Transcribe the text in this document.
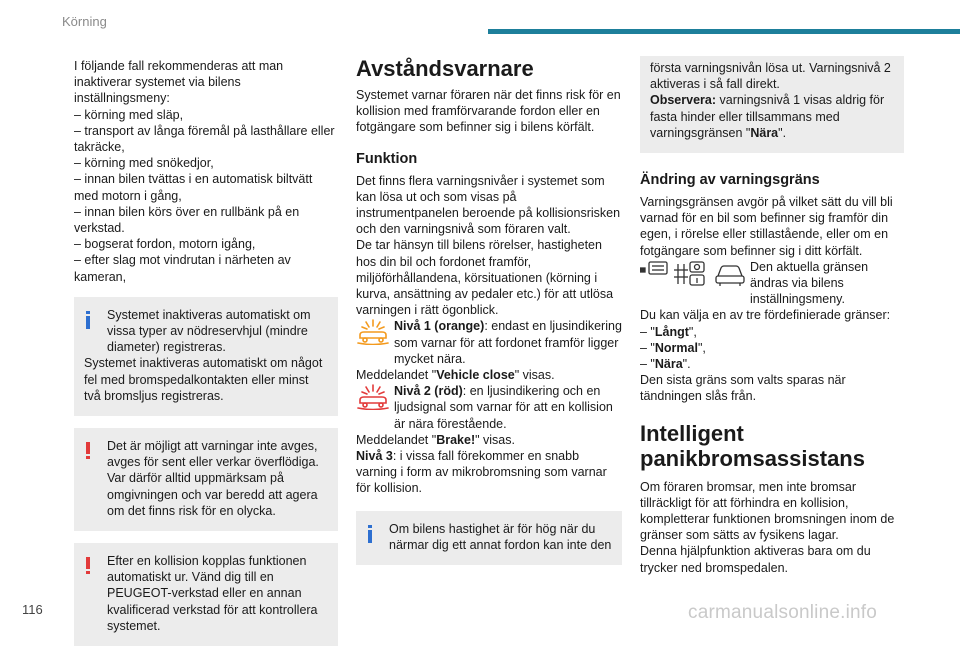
Körning

I följande fall rekommenderas att man inaktiverar systemet via bilens inställningsmeny:

– körning med släp,

– transport av långa föremål på lasthållare eller takräcke,

– körning med snökedjor,

– innan bilen tvättas i en automatisk biltvätt med motorn i gång,

– innan bilen körs över en rullbänk på en verkstad.

– bogserat fordon, motorn igång,

– efter slag mot vindrutan i närheten av kameran,

Systemet inaktiveras automatiskt om vissa typer av nödreservhjul (mindre diameter) registreras.

Systemet inaktiveras automatiskt om något fel med bromspedalkontakten eller minst två bromsljus registreras.

Det är möjligt att varningar inte avges, avges för sent eller verkar överflödiga. Var därför alltid uppmärksam på omgivningen och var beredd att agera om det finns risk för en olycka.

Efter en kollision kopplas funktionen automatiskt ur. Vänd dig till en PEUGEOT-verkstad eller en annan kvalificerad verkstad för att kontrollera systemet.

Avståndsvarnare

Systemet varnar föraren när det finns risk för en kollision med framförvarande fordon eller en fotgängare som befinner sig i bilens körfält.

Funktion

Det finns flera varningsnivåer i systemet som kan lösa ut och som visas på instrumentpanelen beroende på kollisionsrisken och den varningsnivå som föraren valt.

De tar hänsyn till bilens rörelser, hastigheten hos din bil och fordonet framför, miljöförhållandena, körsituationen (körning i kurva, ansättning av pedaler etc.) för att utlösa varningen i rätt ögonblick.

Nivå 1 (orange): endast en ljusindikering som varnar för att fordonet framför ligger mycket nära.

Meddelandet "Vehicle close" visas.

Nivå 2 (röd): en ljusindikering och en ljudsignal som varnar för att en kollision är nära förestående.

Meddelandet "Brake!" visas.

Nivå 3: i vissa fall förekommer en snabb varning i form av mikrobromsning som varnar för kollision.

Om bilens hastighet är för hög när du närmar dig ett annat fordon kan inte den

första varningsnivån lösa ut. Varningsnivå 2 aktiveras i så fall direkt.

Observera: varningsnivå 1 visas aldrig för fasta hinder eller tillsammans med varningsgränsen "Nära".

Ändring av varningsgräns

Varningsgränsen avgör på vilket sätt du vill bli varnad för en bil som befinner sig framför din egen, i rörelse eller stillastående, eller om en fotgängare som befinner sig i ditt körfält.

Den aktuella gränsen ändras via bilens inställningsmeny.

Du kan välja en av tre fördefinierade gränser:

– "Långt",

– "Normal",

– "Nära".

Den sista gräns som valts sparas när tändningen slås från.

Intelligent
panikbromsassistans

Om föraren bromsar, men inte bromsar tillräckligt för att förhindra en kollision, kompletterar funktionen bromsningen inom de gränser som sätts av fysikens lagar.

Denna hjälpfunktion aktiveras bara om du trycker ned bromspedalen.

116	carmanualsonline.info
